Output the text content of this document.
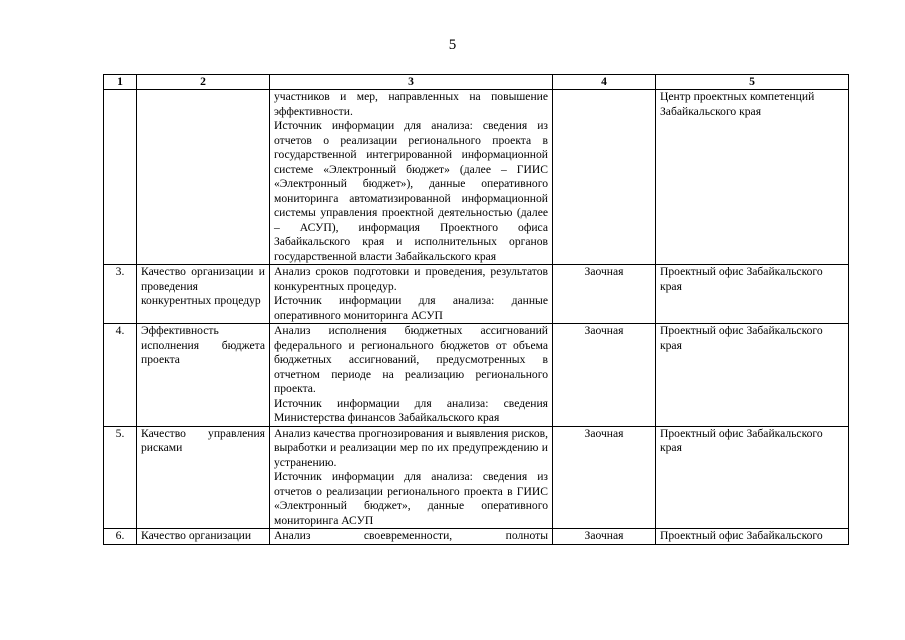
5
1	2	3	4	5

		участников и мер, направленных на повышение эффективности.
Источник информации для анализа: сведения из отчетов о реализации регионального проекта в государственной интегрированной информационной системе «Электронный бюджет» (далее – ГИИС «Электронный бюджет»), данные оперативного мониторинга автоматизированной информационной системы управления проектной деятельностью (далее – АСУП), информация Проектного офиса Забайкальского края и исполнительных органов государственной власти Забайкальского края		Центр проектных компетенций Забайкальского края
3.	Качество организации и проведения конкурентных процедур	Анализ сроков подготовки и проведения, результатов конкурентных процедур.
Источник информации для анализа: данные оперативного мониторинга АСУП	Заочная	Проектный офис Забайкальского края
4.	Эффективность исполнения бюджета проекта	Анализ исполнения бюджетных ассигнований федерального и регионального бюджетов от объема бюджетных ассигнований, предусмотренных в отчетном периоде на реализацию регионального проекта.
Источник информации для анализа: сведения Министерства финансов Забайкальского края	Заочная	Проектный офис Забайкальского края
5.	Качество управления рисками	Анализ качества прогнозирования и выявления рисков, выработки и реализации мер по их предупреждению и устранению.
Источник информации для анализа: сведения из отчетов о реализации регионального проекта в ГИИС «Электронный бюджет», данные оперативного мониторинга АСУП	Заочная	Проектный офис Забайкальского края
6.	Качество организации	Анализ своевременности, полноты	Заочная	Проектный офис Забайкальского
